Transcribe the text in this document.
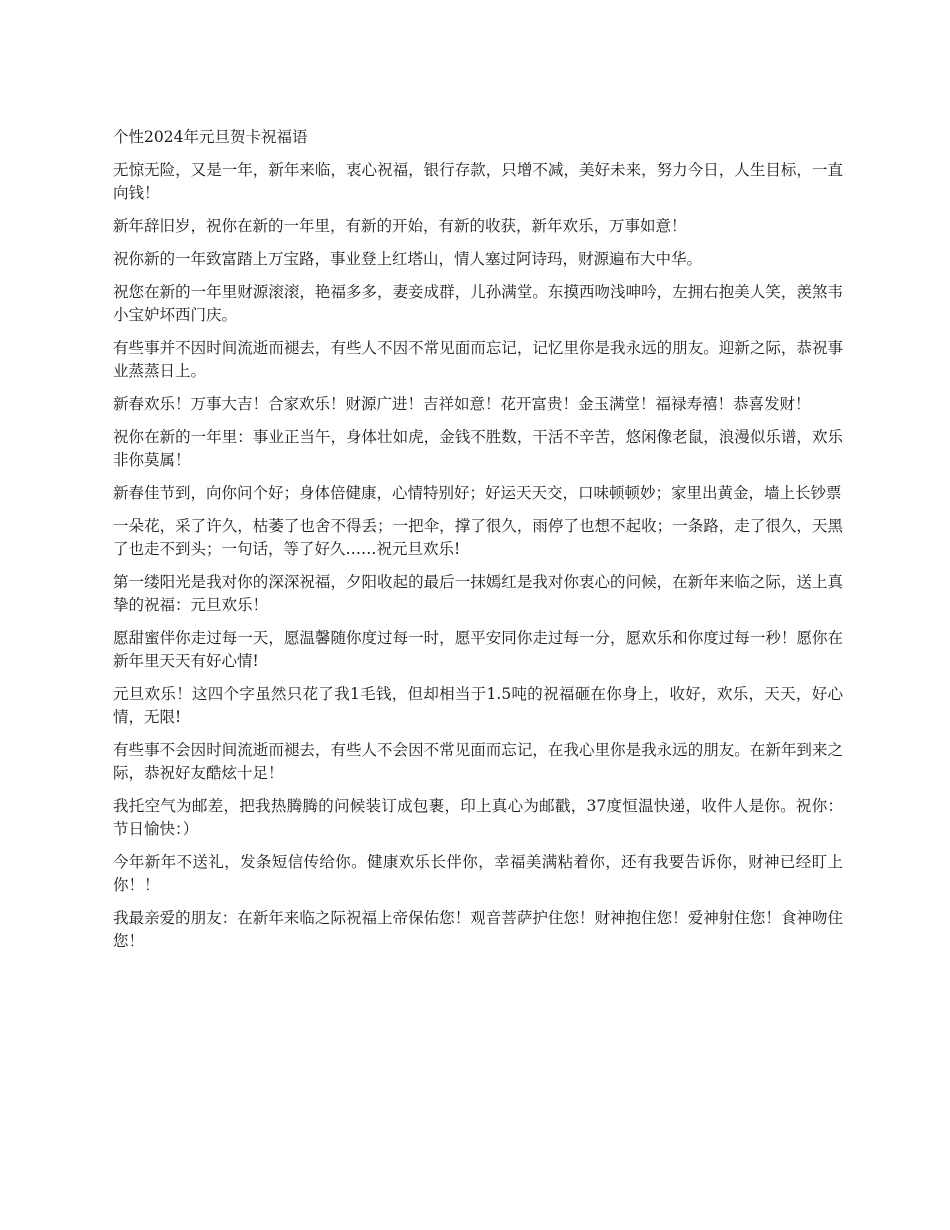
个性2024年元旦贺卡祝福语

无惊无险，又是一年，新年来临，衷心祝福，银行存款，只增不减，美好未来，努力今日，人生目标，一直向钱！

新年辞旧岁，祝你在新的一年里，有新的开始，有新的收获，新年欢乐，万事如意！

祝你新的一年致富踏上万宝路，事业登上红塔山，情人塞过阿诗玛，财源遍布大中华。

祝您在新的一年里财源滚滚，艳福多多，妻妾成群，儿孙满堂。东摸西吻浅呻吟，左拥右抱美人笑，羡煞韦小宝妒坏西门庆。

有些事并不因时间流逝而褪去，有些人不因不常见面而忘记，记忆里你是我永远的朋友。迎新之际，恭祝事业蒸蒸日上。

新春欢乐！万事大吉！合家欢乐！财源广进！吉祥如意！花开富贵！金玉满堂！福禄寿禧！恭喜发财！

祝你在新的一年里：事业正当午，身体壮如虎，金钱不胜数，干活不辛苦，悠闲像老鼠，浪漫似乐谱，欢乐非你莫属！

新春佳节到，向你问个好；身体倍健康，心情特别好；好运天天交，口味顿顿妙；家里出黄金，墙上长钞票

一朵花，采了许久，枯萎了也舍不得丢；一把伞，撑了很久，雨停了也想不起收；一条路，走了很久，天黑了也走不到头；一句话，等了好久……祝元旦欢乐!

第一缕阳光是我对你的深深祝福，夕阳收起的最后一抹嫣红是我对你衷心的问候，在新年来临之际，送上真挚的祝福：元旦欢乐！

愿甜蜜伴你走过每一天，愿温馨随你度过每一时，愿平安同你走过每一分，愿欢乐和你度过每一秒！愿你在新年里天天有好心情!

元旦欢乐！这四个字虽然只花了我1毛钱，但却相当于1.5吨的祝福砸在你身上，收好，欢乐，天天，好心情，无限!

有些事不会因时间流逝而褪去，有些人不会因不常见面而忘记，在我心里你是我永远的朋友。在新年到来之际，恭祝好友酷炫十足！

我托空气为邮差，把我热腾腾的问候装订成包裹，印上真心为邮戳，37度恒温快递，收件人是你。祝你：节日愉快：）

今年新年不送礼，发条短信传给你。健康欢乐长伴你，幸福美满粘着你，还有我要告诉你，财神已经盯上你！！

我最亲爱的朋友：在新年来临之际祝福上帝保佑您！观音菩萨护住您！财神抱住您！爱神射住您！食神吻住您！
